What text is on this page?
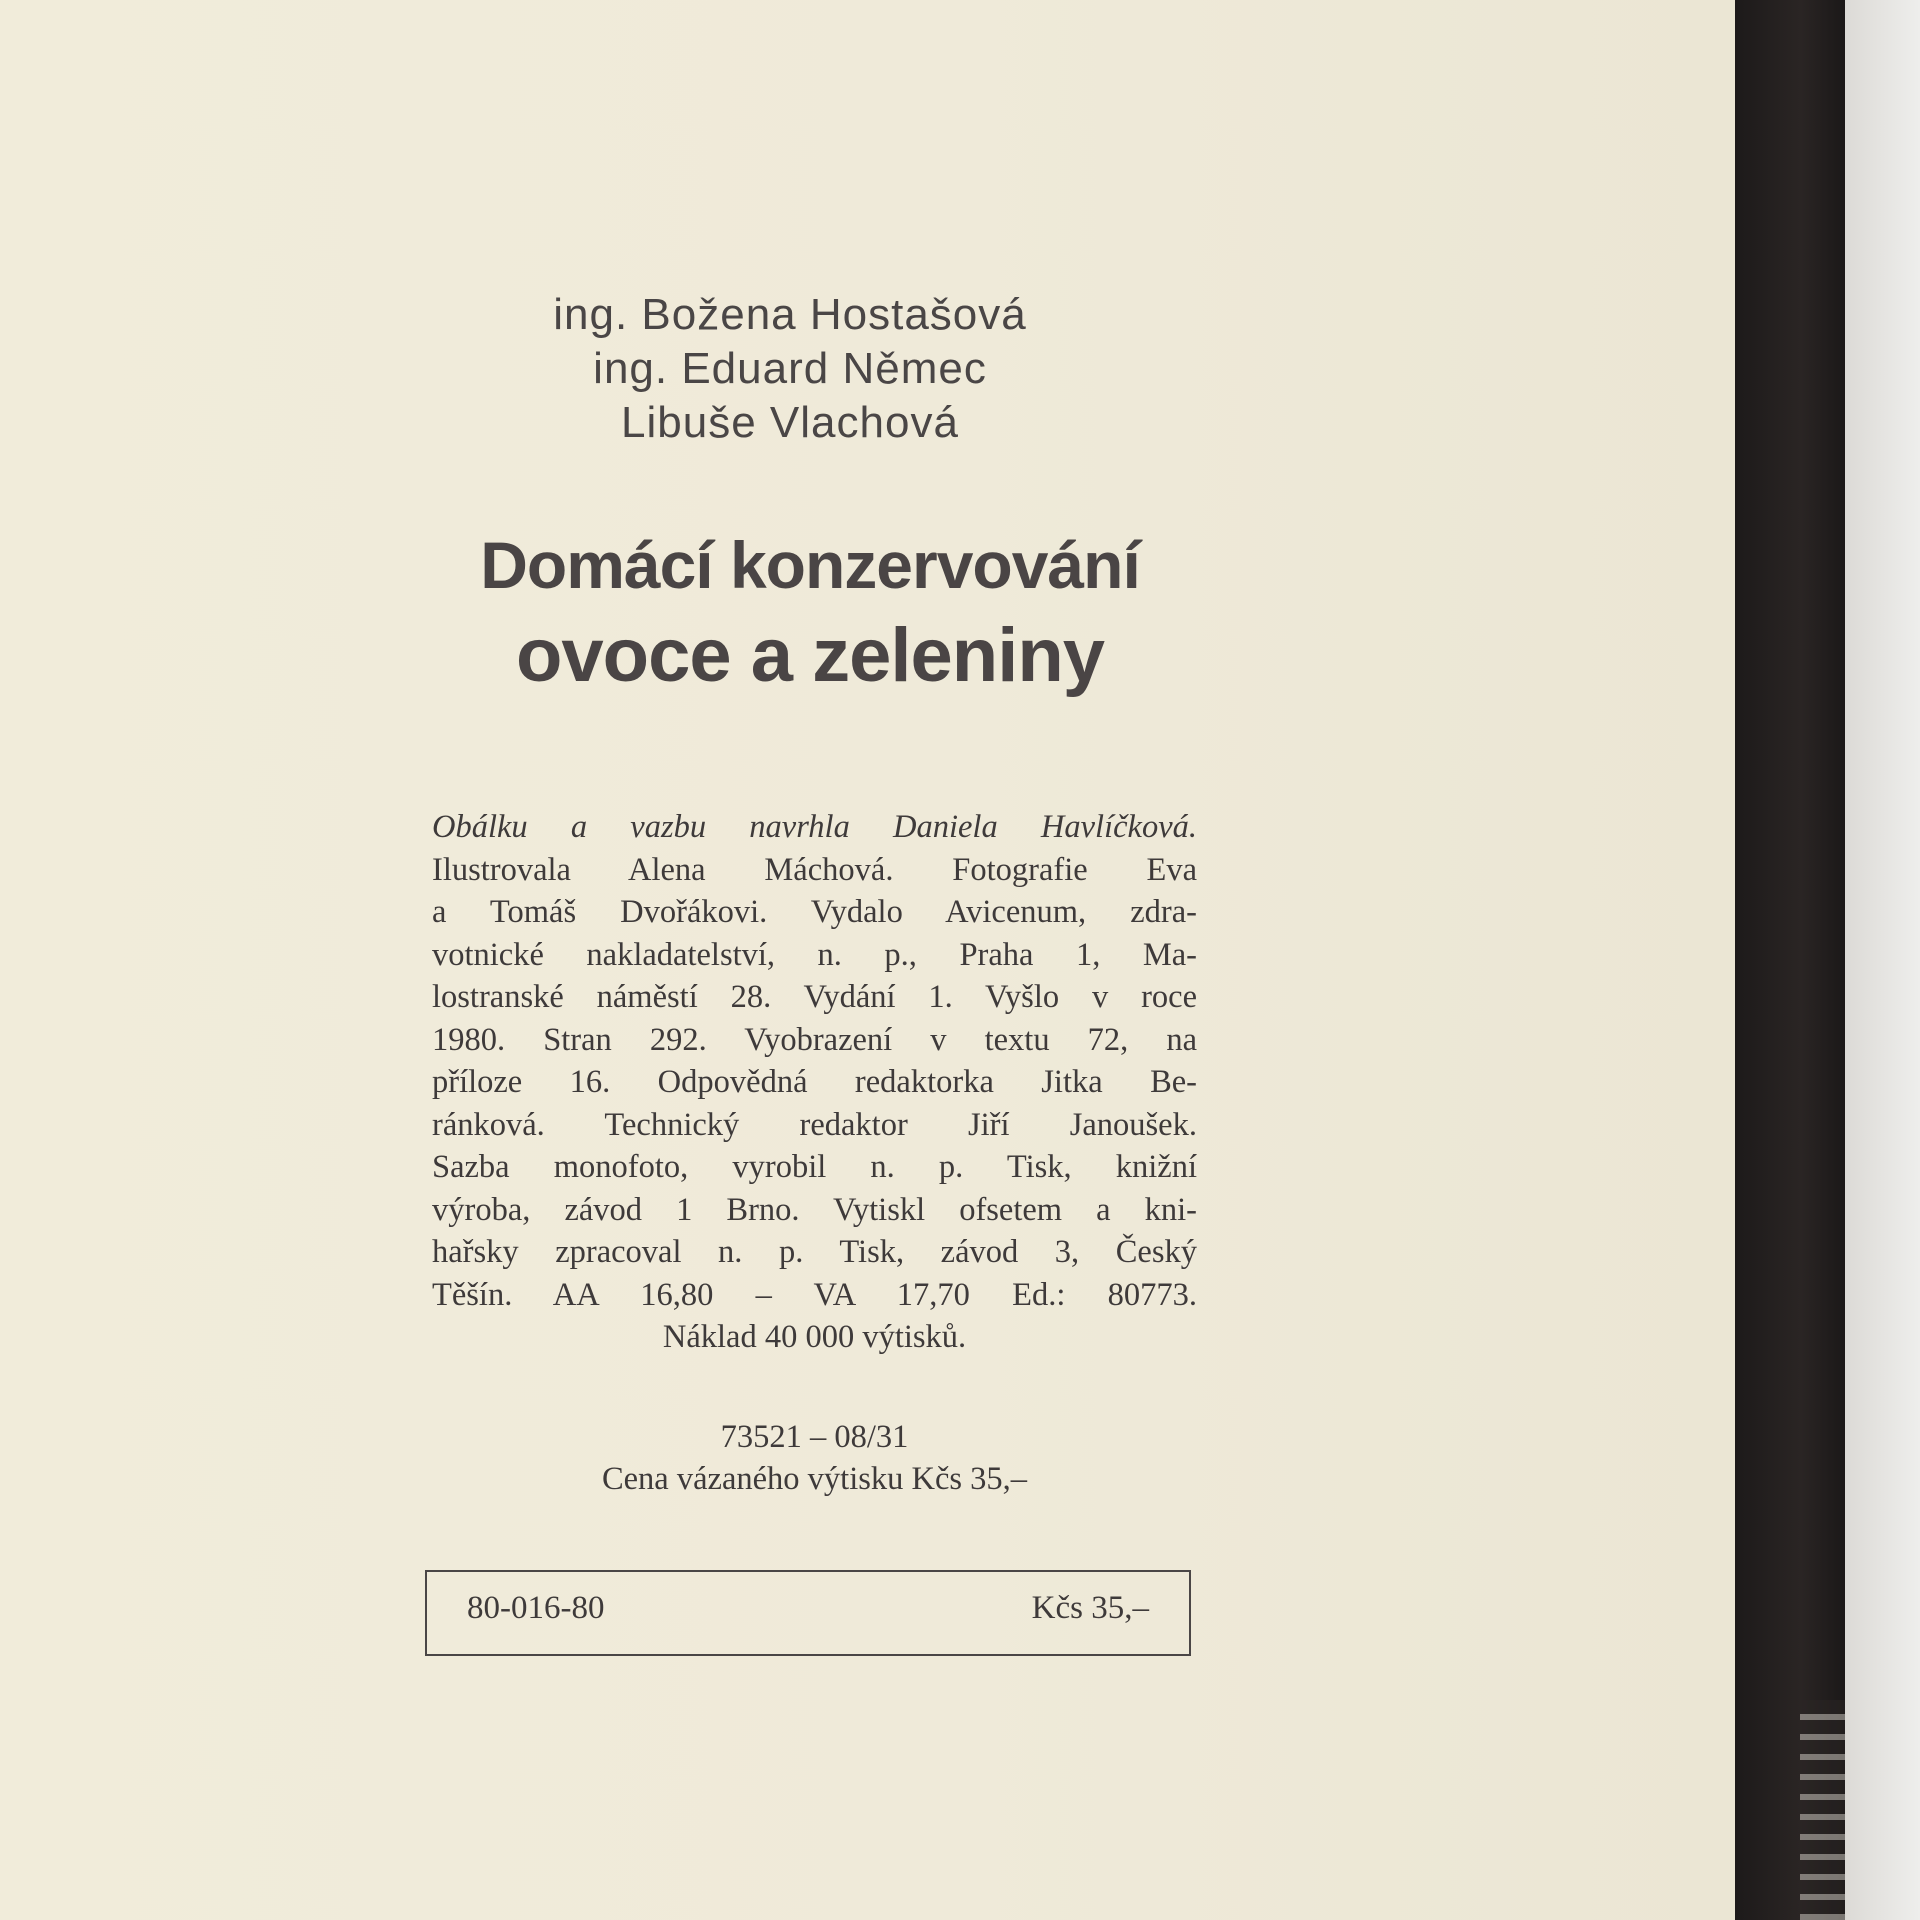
ing. Božena Hostašová
ing. Eduard Němec
Libuše Vlachová
Domácí konzervování
ovoce a zeleniny
Obálku a vazbu navrhla Daniela Havlíčková.
Ilustrovala Alena Máchová. Fotografie Eva
a Tomáš Dvořákovi. Vydalo Avicenum, zdra-
votnické nakladatelství, n. p., Praha 1, Ma-
lostranské náměstí 28. Vydání 1. Vyšlo v roce
1980. Stran 292. Vyobrazení v textu 72, na
příloze 16. Odpovědná redaktorka Jitka Be-
ránková. Technický redaktor Jiří Janoušek.
Sazba monofoto, vyrobil n. p. Tisk, knižní
výroba, závod 1 Brno. Vytiskl ofsetem a kni-
hařsky zpracoval n. p. Tisk, závod 3, Český
Těšín. AA 16,80 – VA 17,70 Ed.: 80773.
Náklad 40 000 výtisků.
73521 – 08/31
Cena vázaného výtisku Kčs 35,–
80-016-80	Kčs 35,–
